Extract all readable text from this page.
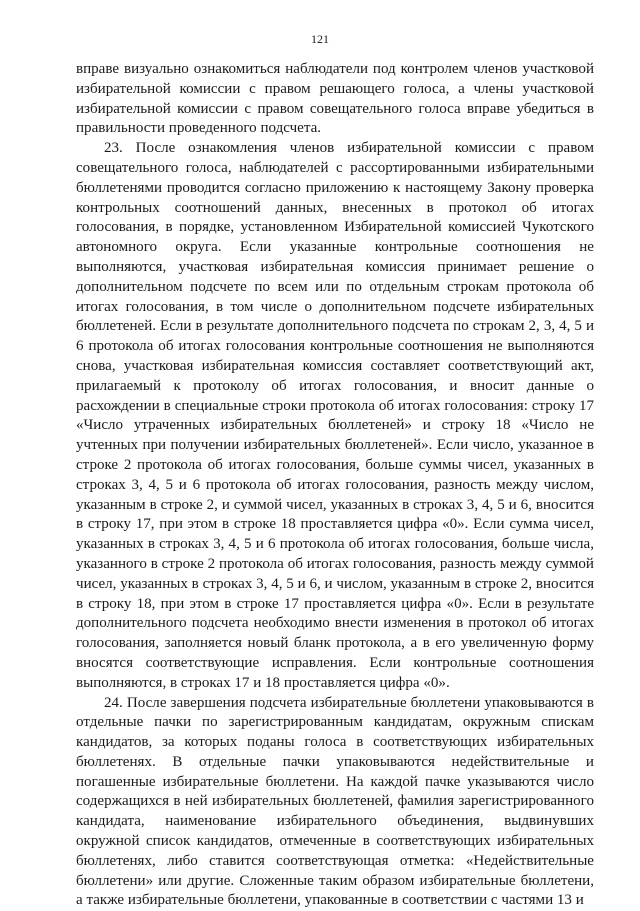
121

вправе визуально ознакомиться наблюдатели под контролем членов участковой избирательной комиссии с правом решающего голоса, а члены участковой избирательной комиссии с правом совещательного голоса вправе убедиться в правильности проведенного подсчета.

23. После ознакомления членов избирательной комиссии с правом совещательного голоса, наблюдателей с рассортированными избирательными бюллетенями проводится согласно приложению к настоящему Закону проверка контрольных соотношений данных, внесенных в протокол об итогах голосования, в порядке, установленном Избирательной комиссией Чукотского автономного округа. Если указанные контрольные соотношения не выполняются, участковая избирательная комиссия принимает решение о дополнительном подсчете по всем или по отдельным строкам протокола об итогах голосования, в том числе о дополнительном подсчете избирательных бюллетеней. Если в результате дополнительного подсчета по строкам 2, 3, 4, 5 и 6 протокола об итогах голосования контрольные соотношения не выполняются снова, участковая избирательная комиссия составляет соответствующий акт, прилагаемый к протоколу об итогах голосования, и вносит данные о расхождении в специальные строки протокола об итогах голосования: строку 17 «Число утраченных избирательных бюллетеней» и строку 18 «Число не учтенных при получении избирательных бюллетеней». Если число, указанное в строке 2 протокола об итогах голосования, больше суммы чисел, указанных в строках 3, 4, 5 и 6 протокола об итогах голосования, разность между числом, указанным в строке 2, и суммой чисел, указанных в строках 3, 4, 5 и 6, вносится в строку 17, при этом в строке 18 проставляется цифра «0». Если сумма чисел, указанных в строках 3, 4, 5 и 6 протокола об итогах голосования, больше числа, указанного в строке 2 протокола об итогах голосования, разность между суммой чисел, указанных в строках 3, 4, 5 и 6, и числом, указанным в строке 2, вносится в строку 18, при этом в строке 17 проставляется цифра «0». Если в результате дополнительного подсчета необходимо внести изменения в протокол об итогах голосования, заполняется новый бланк протокола, а в его увеличенную форму вносятся соответствующие исправления. Если контрольные соотношения выполняются, в строках 17 и 18 проставляется цифра «0».

24. После завершения подсчета избирательные бюллетени упаковываются в отдельные пачки по зарегистрированным кандидатам, окружным спискам кандидатов, за которых поданы голоса в соответствующих избирательных бюллетенях. В отдельные пачки упаковываются недействительные и погашенные избирательные бюллетени. На каждой пачке указываются число содержащихся в ней избирательных бюллетеней, фамилия зарегистрированного кандидата, наименование избирательного объединения, выдвинувших окружной список кандидатов, отмеченные в соответствующих избирательных бюллетенях, либо ставится соответствующая отметка: «Недействительные бюллетени» или другие. Сложенные таким образом избирательные бюллетени, а также избирательные бюллетени, упакованные в соответствии с частями 13 и
